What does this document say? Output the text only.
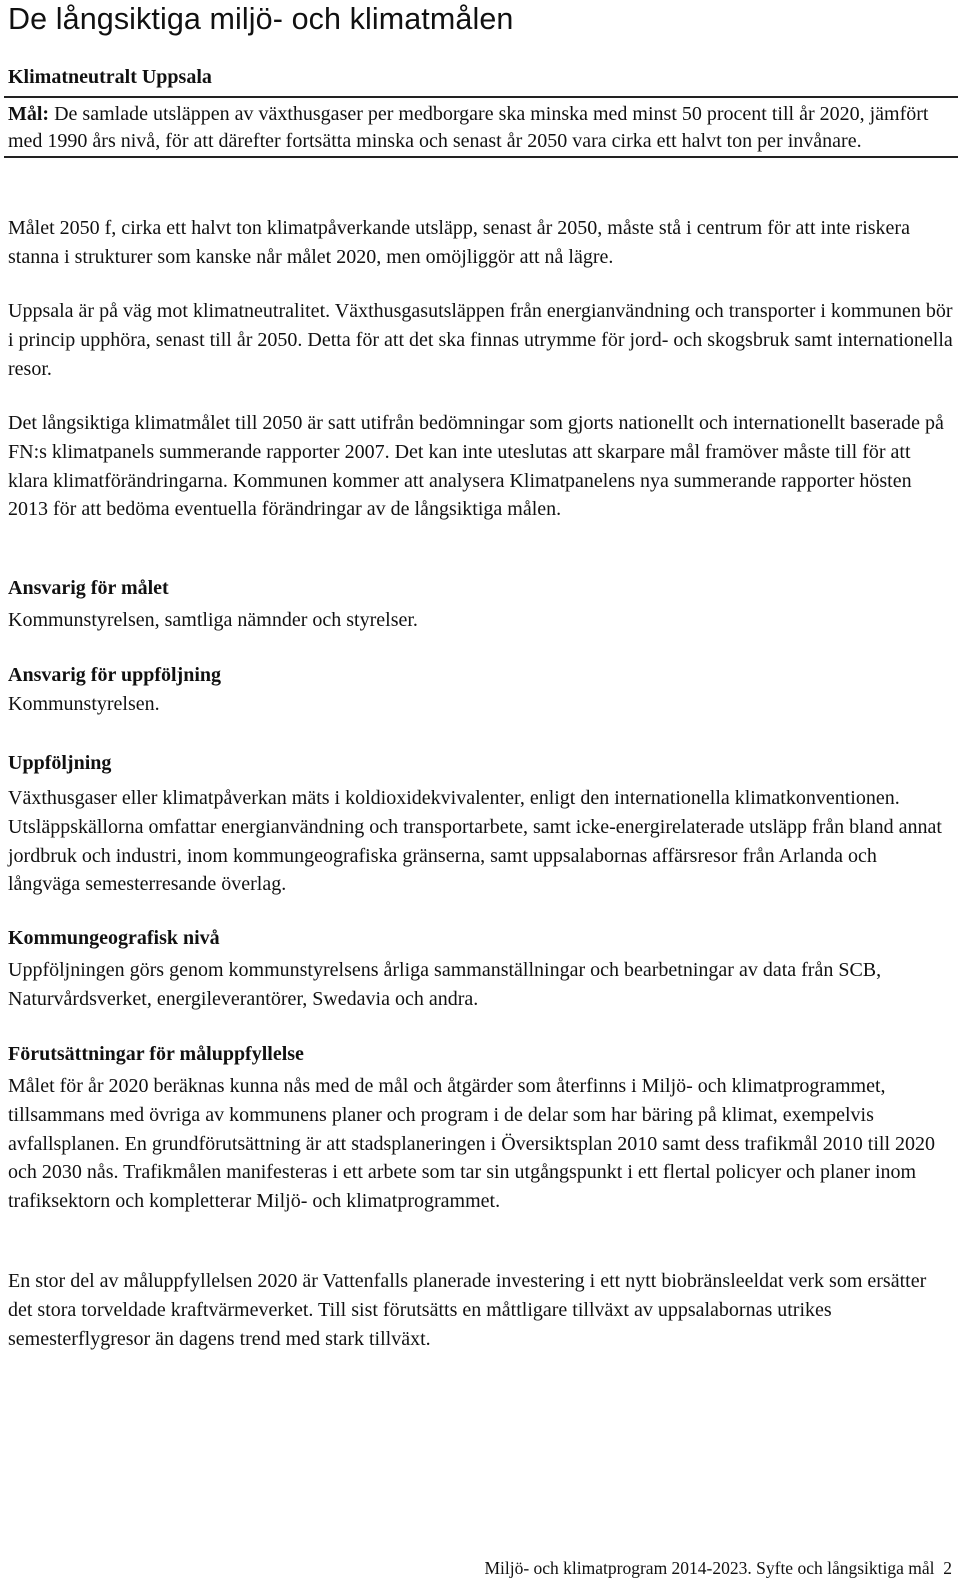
De långsiktiga miljö- och klimatmålen
Klimatneutralt Uppsala
Mål: De samlade utsläppen av växthusgaser per medborgare ska minska med minst 50 procent till år 2020, jämfört med 1990 års nivå, för att därefter fortsätta minska och senast år 2050 vara cirka ett halvt ton per invånare.

Målet 2050 f, cirka ett halvt ton klimatpåverkande utsläpp, senast år 2050, måste stå i centrum för att inte riskera stanna i strukturer som kanske når målet 2020, men omöjliggör att nå lägre.

Uppsala är på väg mot klimatneutralitet. Växthusgasutsläppen från energianvändning och transporter i kommunen bör i princip upphöra, senast till år 2050. Detta för att det ska finnas utrymme för jord- och skogsbruk samt internationella resor.

Det långsiktiga klimatmålet till 2050 är satt utifrån bedömningar som gjorts nationellt och internationellt baserade på FN:s klimatpanels summerande rapporter 2007. Det kan inte uteslutas att skarpare mål framöver måste till för att klara klimatförändringarna. Kommunen kommer att analysera Klimatpanelens nya summerande rapporter hösten 2013 för att bedöma eventuella förändringar av de långsiktiga målen.

Ansvarig för målet

Kommunstyrelsen, samtliga nämnder och styrelser.

Ansvarig för uppföljning

Kommunstyrelsen.

Uppföljning

Växthusgaser eller klimatpåverkan mäts i koldioxidekvivalenter, enligt den internationella klimatkonventionen. Utsläppskällorna omfattar energianvändning och transportarbete, samt icke-energirelaterade utsläpp från bland annat jordbruk och industri, inom kommungeografiska gränserna, samt uppsalabornas affärsresor från Arlanda och långväga semesterresande överlag.

Kommungeografisk nivå

Uppföljningen görs genom kommunstyrelsens årliga sammanställningar och bearbetningar av data från SCB, Naturvårdsverket, energileverantörer, Swedavia och andra.

Förutsättningar för måluppfyllelse

Målet för år 2020 beräknas kunna nås med de mål och åtgärder som återfinns i Miljö- och klimatprogrammet, tillsammans med övriga av kommunens planer och program i de delar som har bäring på klimat, exempelvis avfallsplanen. En grundförutsättning är att stadsplaneringen i Översiktsplan 2010 samt dess trafikmål 2010 till 2020 och 2030 nås. Trafikmålen manifesteras i ett arbete som tar sin utgångspunkt i ett flertal policyer och planer inom trafiksektorn och kompletterar Miljö- och klimatprogrammet.

En stor del av måluppfyllelsen 2020 är Vattenfalls planerade investering i ett nytt biobränsleeldat verk som ersätter det stora torveldade kraftvärmeverket. Till sist förutsätts en måttligare tillväxt av uppsalabornas utrikes semesterflygresor än dagens trend med stark tillväxt.

Miljö- och klimatprogram 2014-2023. Syfte och långsiktiga mål 2
